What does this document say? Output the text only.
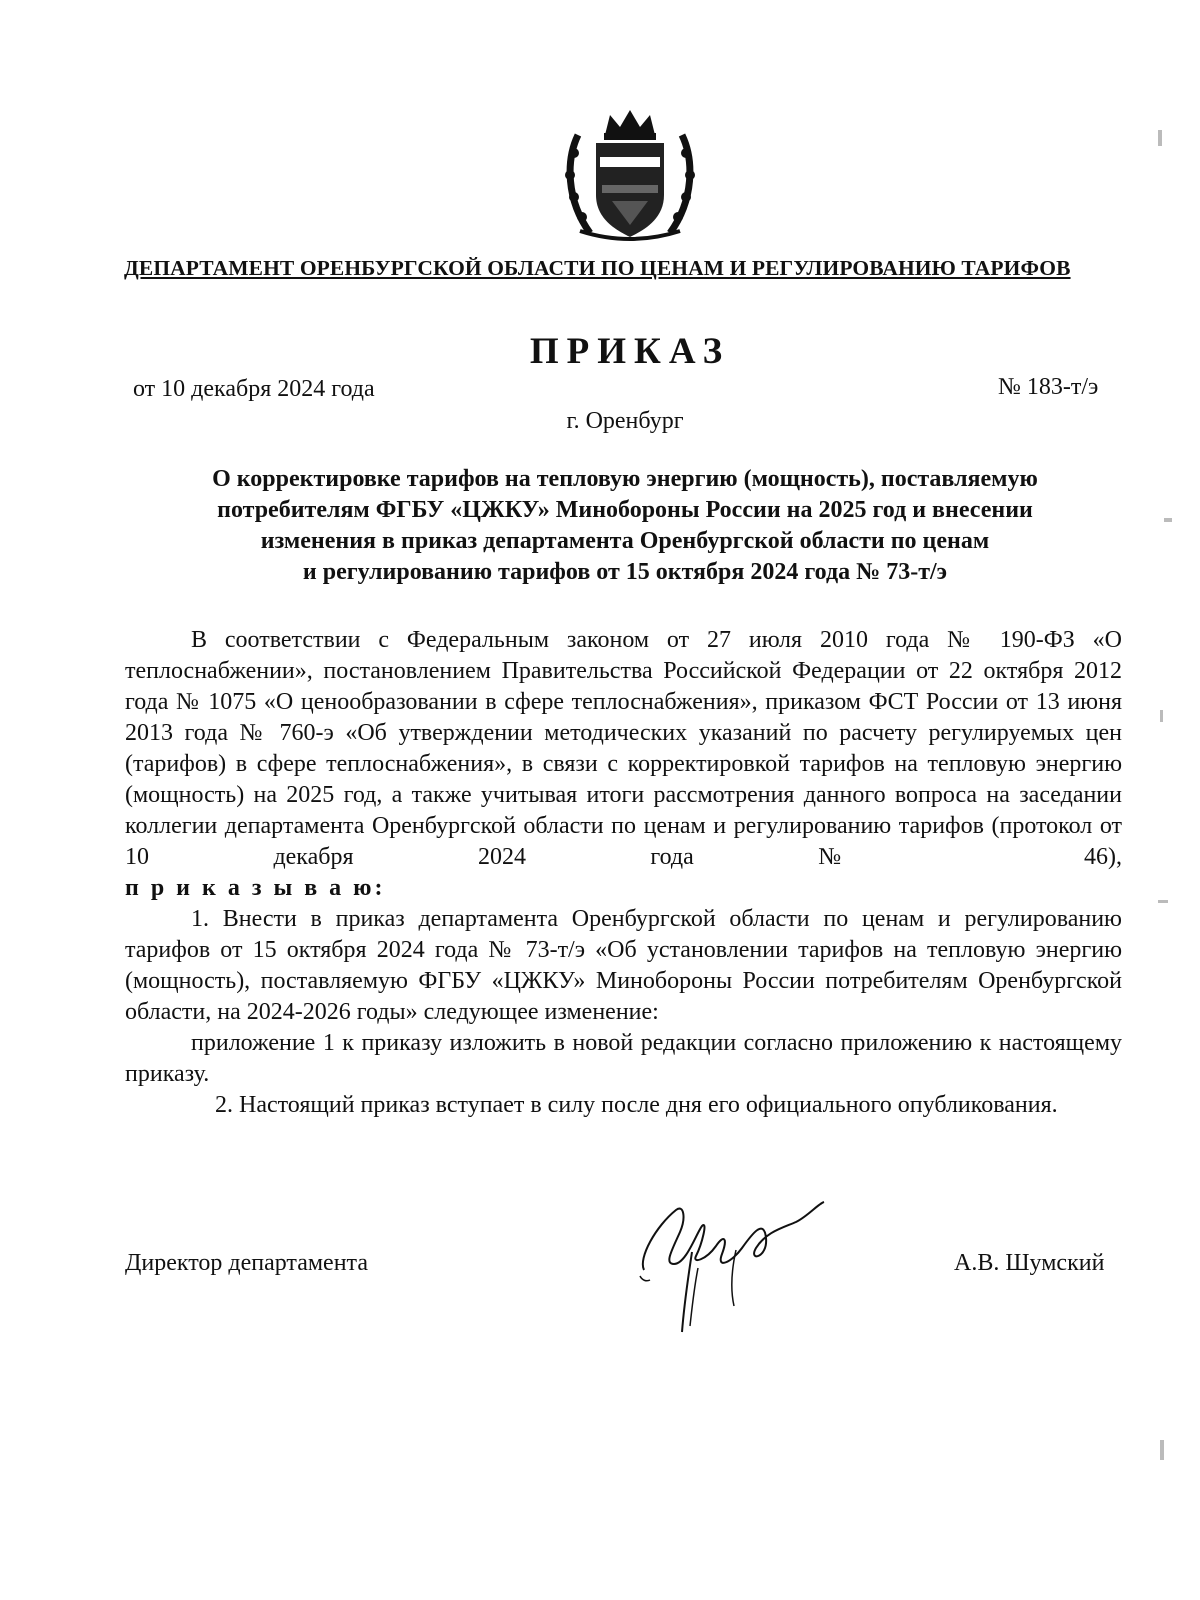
ДЕПАРТАМЕНТ ОРЕНБУРГСКОЙ ОБЛАСТИ ПО ЦЕНАМ И РЕГУЛИРОВАНИЮ ТАРИФОВ
ПРИКАЗ
от 10 декабря 2024 года	№ 183-т/э
г. Оренбург
О корректировке тарифов на тепловую энергию (мощность), поставляемую
потребителям ФГБУ «ЦЖКУ» Минобороны России на 2025 год и внесении
изменения в приказ департамента Оренбургской области по ценам
и регулированию тарифов от 15 октября 2024 года № 73-т/э

В соответствии с Федеральным законом от 27 июля 2010 года № 190-ФЗ «О теплоснабжении», постановлением Правительства Российской Федерации от 22 октября 2012 года № 1075 «О ценообразовании в сфере теплоснабжения», приказом ФСТ России от 13 июня 2013 года № 760-э «Об утверждении методических указаний по расчету регулируемых цен (тарифов) в сфере теплоснабжения», в связи с корректировкой тарифов на тепловую энергию (мощность) на 2025 год, а также учитывая итоги рассмотрения данного вопроса на заседании коллегии департамента Оренбургской области по ценам и регулированию тарифов (протокол от 10 декабря 2024 года № 46),

п р и к а з ы в а ю:

1. Внести в приказ департамента Оренбургской области по ценам и регулированию тарифов от 15 октября 2024 года № 73-т/э «Об установлении тарифов на тепловую энергию (мощность), поставляемую ФГБУ «ЦЖКУ» Минобороны России потребителям Оренбургской области, на 2024-2026 годы» следующее изменение:

приложение 1 к приказу изложить в новой редакции согласно приложению к настоящему приказу.

2. Настоящий приказ вступает в силу после дня его официального опубликования.

Директор департамента	А.В. Шумский
